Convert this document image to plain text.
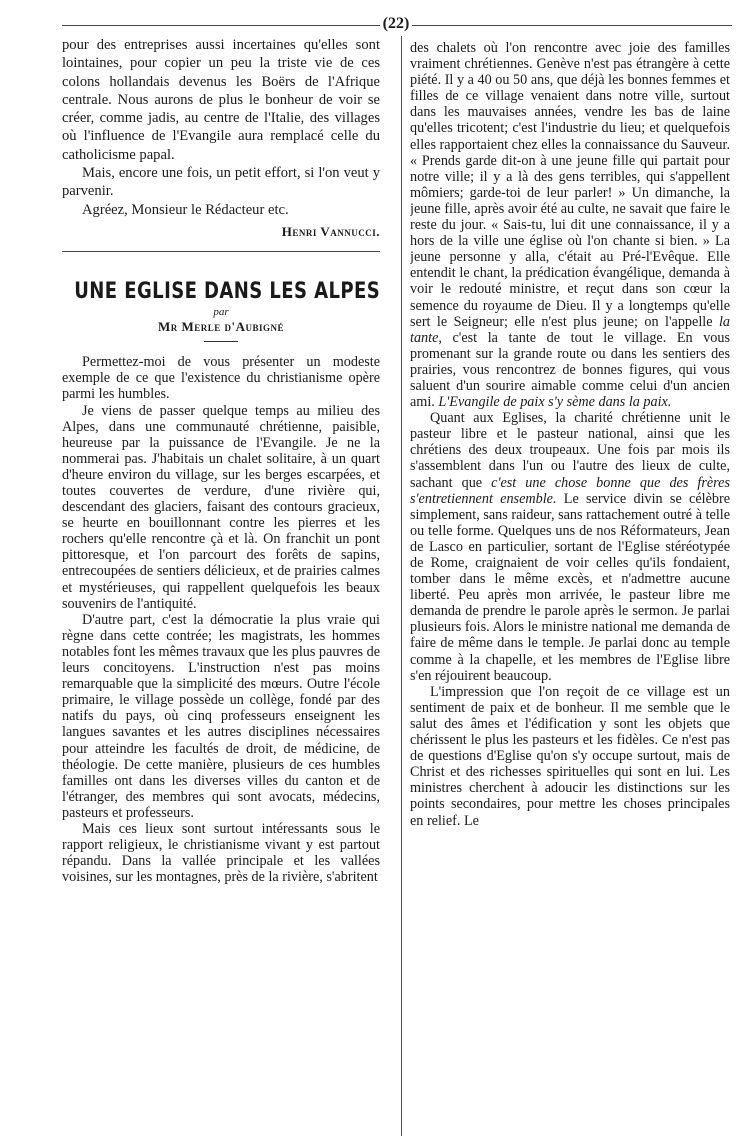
(22)

pour des entreprises aussi incertaines qu'elles sont lointaines, pour copier un peu la triste vie de ces colons hollandais devenus les Boërs de l'Afrique centrale. Nous aurons de plus le bonheur de voir se créer, comme jadis, au centre de l'Italie, des villages où l'influence de l'Evangile aura remplacé celle du catholicisme papal.

Mais, encore une fois, un petit effort, si l'on veut y parvenir.

Agréez, Monsieur le Rédacteur etc.

Henri Vannucci.
UNE EGLISE DANS LES ALPES
par
Mr Merle d'Aubigné

Permettez-moi de vous présenter un modeste exemple de ce que l'existence du christianisme opère parmi les humbles.

Je viens de passer quelque temps au milieu des Alpes, dans une communauté chrétienne, paisible, heureuse par la puissance de l'Evangile. Je ne la nommerai pas. J'habitais un chalet solitaire, à un quart d'heure environ du village, sur les berges escarpées, et toutes couvertes de verdure, d'une rivière qui, descendant des glaciers, faisant des contours gracieux, se heurte en bouillonnant contre les pierres et les rochers qu'elle rencontre çà et là. On franchit un pont pittoresque, et l'on parcourt des forêts de sapins, entrecoupées de sentiers délicieux, et de prairies calmes et mystérieuses, qui rappellent quelquefois les beaux souvenirs de l'antiquité.

D'autre part, c'est la démocratie la plus vraie qui règne dans cette contrée; les magistrats, les hommes notables font les mêmes travaux que les plus pauvres de leurs concitoyens. L'instruction n'est pas moins remarquable que la simplicité des mœurs. Outre l'école primaire, le village possède un collège, fondé par des natifs du pays, où cinq professeurs enseignent les langues savantes et les autres disciplines nécessaires pour atteindre les facultés de droit, de médicine, de théologie. De cette manière, plusieurs de ces humbles familles ont dans les diverses villes du canton et de l'étranger, des membres qui sont avocats, médecins, pasteurs et professeurs.

Mais ces lieux sont surtout intéressants sous le rapport religieux, le christianisme vivant y est partout répandu. Dans la vallée principale et les vallées voisines, sur les montagnes, près de la rivière, s'abritent

des chalets où l'on rencontre avec joie des familles vraiment chrétiennes. Genève n'est pas étrangère à cette piété. Il y a 40 ou 50 ans, que déjà les bonnes femmes et filles de ce village venaient dans notre ville, surtout dans les mauvaises années, vendre les bas de laine qu'elles tricotent; c'est l'industrie du lieu; et quelquefois elles rapportaient chez elles la connaissance du Sauveur. « Prends garde dit-on à une jeune fille qui partait pour notre ville; il y a là des gens terribles, qui s'appellent mômiers; garde-toi de leur parler! » Un dimanche, la jeune fille, après avoir été au culte, ne savait que faire le reste du jour. « Sais-tu, lui dit une connaissance, il y a hors de la ville une église où l'on chante si bien. » La jeune personne y alla, c'était au Pré-l'Evêque. Elle entendit le chant, la prédication évangélique, demanda à voir le redouté ministre, et reçut dans son cœur la semence du royaume de Dieu. Il y a longtemps qu'elle sert le Seigneur; elle n'est plus jeune; on l'appelle la tante, c'est la tante de tout le village. En vous promenant sur la grande route ou dans les sentiers des prairies, vous rencontrez de bonnes figures, qui vous saluent d'un sourire aimable comme celui d'un ancien ami. L'Evangile de paix s'y sème dans la paix.

Quant aux Eglises, la charité chrétienne unit le pasteur libre et le pasteur national, ainsi que les chrétiens des deux troupeaux. Une fois par mois ils s'assemblent dans l'un ou l'autre des lieux de culte, sachant que c'est une chose bonne que des frères s'entretiennent ensemble. Le service divin se célèbre simplement, sans raideur, sans rattachement outré à telle ou telle forme. Quelques uns de nos Réformateurs, Jean de Lasco en particulier, sortant de l'Eglise stéréotypée de Rome, craignaient de voir celles qu'ils fondaient, tomber dans le même excès, et n'admettre aucune liberté. Peu après mon arrivée, le pasteur libre me demanda de prendre le parole après le sermon. Je parlai plusieurs fois. Alors le ministre national me demanda de faire de même dans le temple. Je parlai donc au temple comme à la chapelle, et les membres de l'Eglise libre s'en réjouirent beaucoup.

L'impression que l'on reçoit de ce village est un sentiment de paix et de bonheur. Il me semble que le salut des âmes et l'édification y sont les objets que chérissent le plus les pasteurs et les fidèles. Ce n'est pas de questions d'Eglise qu'on s'y occupe surtout, mais de Christ et des richesses spirituelles qui sont en lui. Les ministres cherchent à adoucir les distinctions sur les points secondaires, pour mettre les choses principales en relief. Le
